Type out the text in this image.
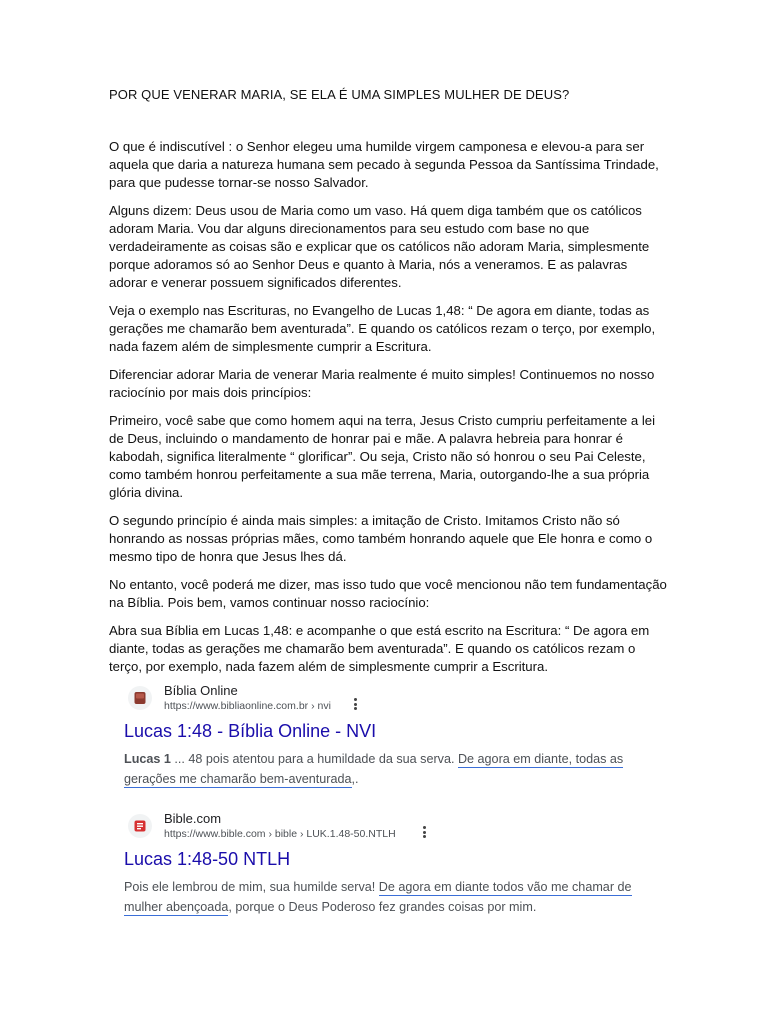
POR QUE VENERAR MARIA, SE ELA É UMA SIMPLES MULHER DE DEUS?

O que é indiscutível : o Senhor elegeu uma humilde virgem camponesa e elevou-a para ser aquela que daria a natureza humana sem pecado à segunda Pessoa da Santíssima Trindade, para que pudesse tornar-se nosso Salvador.

Alguns dizem: Deus usou de Maria como um vaso. Há quem diga também que os católicos adoram Maria. Vou dar alguns direcionamentos para seu estudo com base no que verdadeiramente as coisas são e explicar que os católicos não adoram Maria, simplesmente porque adoramos só ao Senhor Deus e quanto à Maria, nós a veneramos. E as palavras adorar e venerar possuem significados diferentes.

Veja o exemplo nas Escrituras, no Evangelho de Lucas 1,48: “ De agora em diante, todas as gerações me chamarão bem aventurada”. E quando os católicos rezam o terço, por exemplo, nada fazem além de simplesmente cumprir a Escritura.

Diferenciar adorar Maria de venerar Maria realmente é muito simples! Continuemos no nosso raciocínio por mais dois princípios:

Primeiro, você sabe que como homem aqui na terra, Jesus Cristo cumpriu perfeitamente a lei de Deus, incluindo o mandamento de honrar pai e mãe. A palavra hebreia para honrar é kabodah, significa literalmente “ glorificar”. Ou seja, Cristo não só honrou o seu Pai Celeste, como também honrou perfeitamente a sua mãe terrena, Maria, outorgando-lhe a sua própria glória divina.

O segundo princípio é ainda mais simples: a imitação de Cristo. Imitamos Cristo não só honrando as nossas próprias mães, como também honrando aquele que Ele honra e como o mesmo tipo de honra que Jesus lhes dá.

No entanto, você poderá me dizer, mas isso tudo que você mencionou não tem fundamentação na Bíblia. Pois bem, vamos continuar nosso raciocínio:

Abra sua Bíblia em Lucas 1,48: e acompanhe o que está escrito na Escritura: “ De agora em diante, todas as gerações me chamarão bem aventurada”. E quando os católicos rezam o terço, por exemplo, nada fazem além de simplesmente cumprir a Escritura.

Bíblia Online
https://www.bibliaonline.com.br › nvi
Lucas 1:48 - Bíblia Online - NVI
Lucas 1 ... 48 pois atentou para a humildade da sua serva. De agora em diante, todas as gerações me chamarão bem-aventurada,.
Bible.com
https://www.bible.com › bible › LUK.1.48-50.NTLH
Lucas 1:48-50 NTLH
Pois ele lembrou de mim, sua humilde serva! De agora em diante todos vão me chamar de mulher abençoada, porque o Deus Poderoso fez grandes coisas por mim.
